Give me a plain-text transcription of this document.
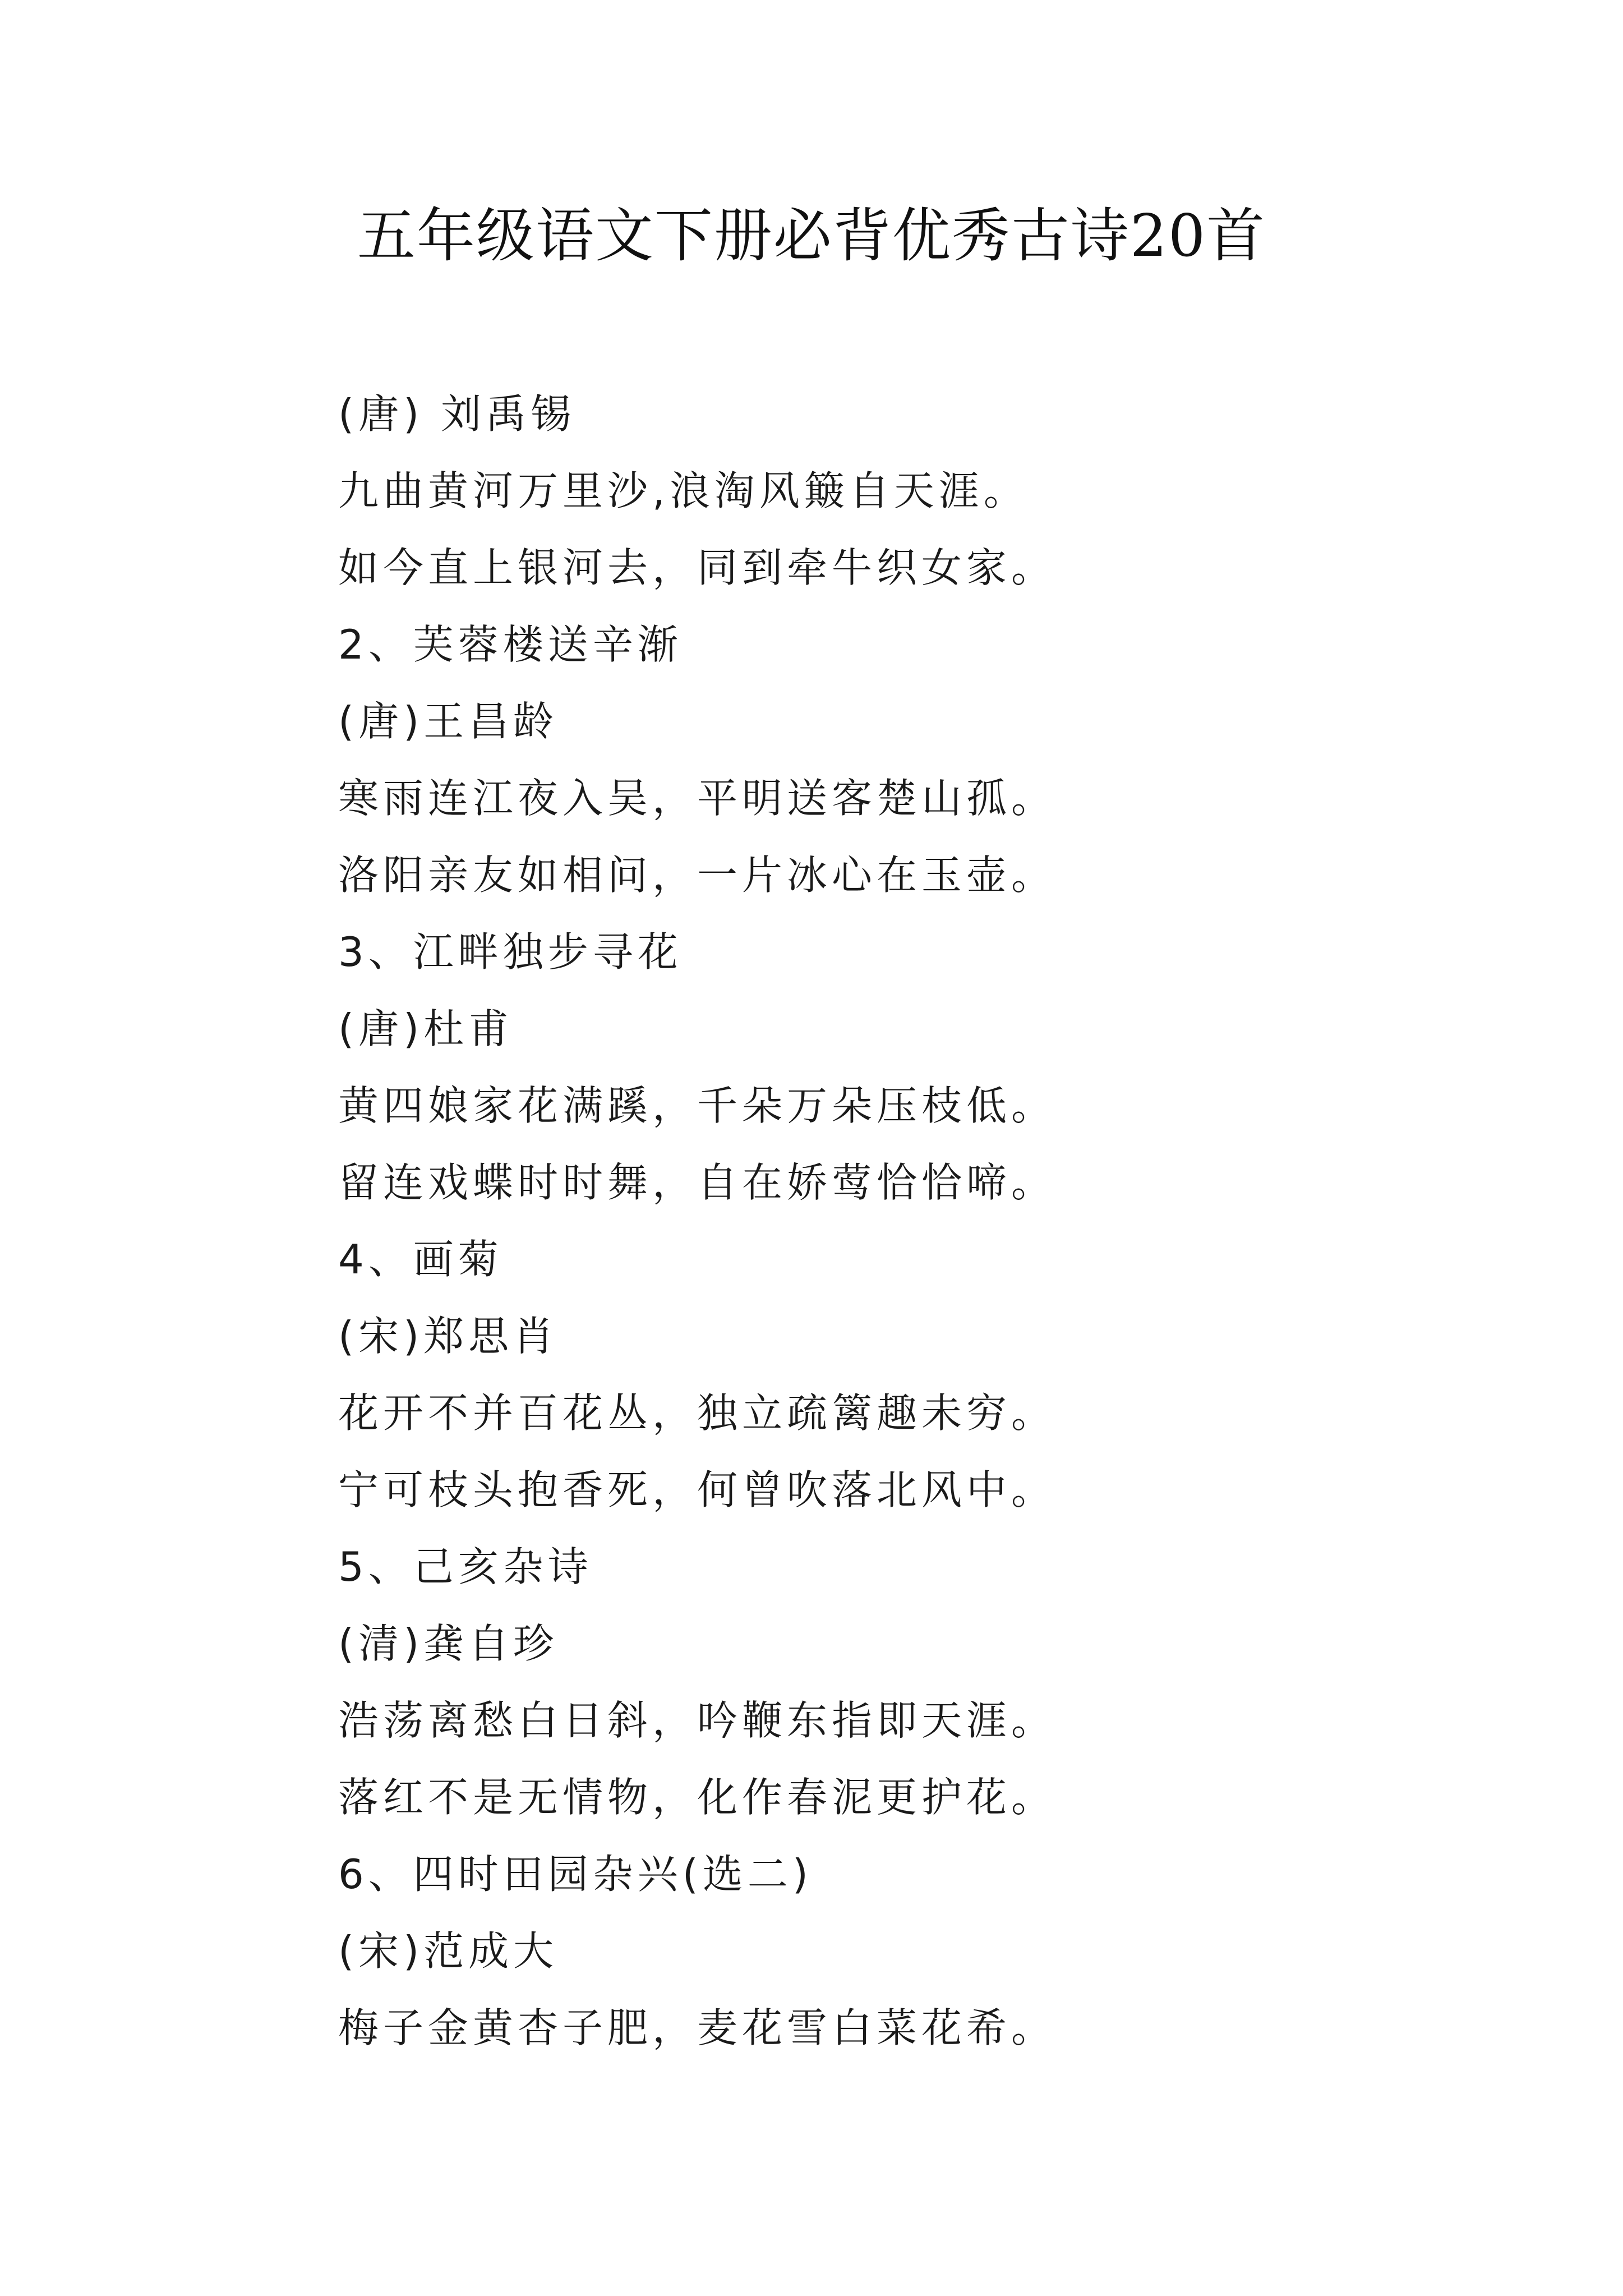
五年级语文下册必背优秀古诗20首
(唐) 刘禹锡
九曲黄河万里沙,浪淘风簸自天涯。
如今直上银河去，同到牵牛织女家。
2、芙蓉楼送辛渐
(唐)王昌龄
寒雨连江夜入吴，平明送客楚山孤。
洛阳亲友如相问，一片冰心在玉壶。
3、江畔独步寻花
(唐)杜甫
黄四娘家花满蹊，千朵万朵压枝低。
留连戏蝶时时舞，自在娇莺恰恰啼。
4、画菊
(宋)郑思肖
花开不并百花丛，独立疏篱趣未穷。
宁可枝头抱香死，何曾吹落北风中。
5、己亥杂诗
(清)龚自珍
浩荡离愁白日斜，吟鞭东指即天涯。
落红不是无情物，化作春泥更护花。
6、四时田园杂兴(选二)
(宋)范成大
梅子金黄杏子肥，麦花雪白菜花希。
